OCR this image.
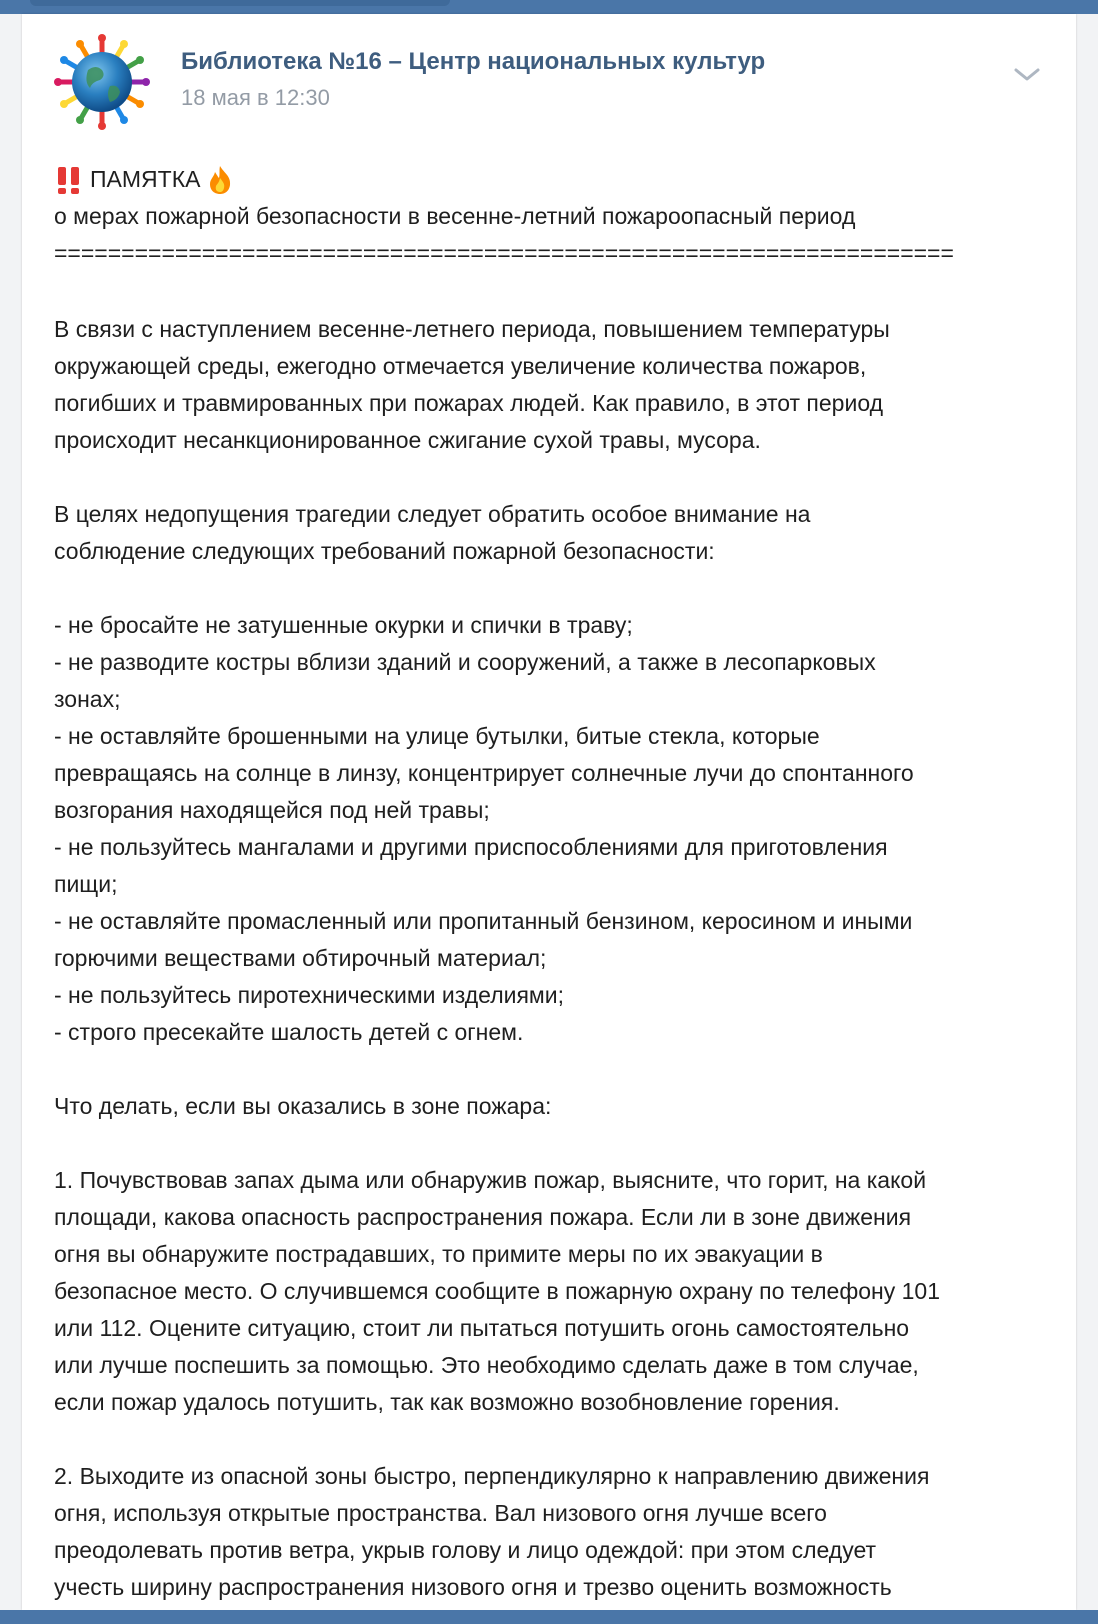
Библиотека №16 – Центр национальных культур
18 мая в 12:30
ПАМЯТКА
о мерах пожарной безопасности в весенне-летний пожароопасный период
===================================================================
В связи с наступлением весенне-летнего периода, повышением температуры
окружающей среды, ежегодно отмечается увеличение количества пожаров,
погибших и травмированных при пожарах людей. Как правило, в этот период
происходит несанкционированное сжигание сухой травы, мусора.
В целях недопущения трагедии следует обратить особое внимание на
соблюдение следующих требований пожарной безопасности:
- не бросайте не затушенные окурки и спички в траву;
- не разводите костры вблизи зданий и сооружений, а также в лесопарковых
зонах;
- не оставляйте брошенными на улице бутылки, битые стекла, которые
превращаясь на солнце в линзу, концентрирует солнечные лучи до спонтанного
возгорания находящейся под ней травы;
- не пользуйтесь мангалами и другими приспособлениями для приготовления
пищи;
- не оставляйте промасленный или пропитанный бензином, керосином и иными
горючими веществами обтирочный материал;
- не пользуйтесь пиротехническими изделиями;
- строго пресекайте шалость детей с огнем.
Что делать, если вы оказались в зоне пожара:
1. Почувствовав запах дыма или обнаружив пожар, выясните, что горит, на какой
площади, какова опасность распространения пожара. Если ли в зоне движения
огня вы обнаружите пострадавших, то примите меры по их эвакуации в
безопасное место. О случившемся сообщите в пожарную охрану по телефону 101
или 112. Оцените ситуацию, стоит ли пытаться потушить огонь самостоятельно
или лучше поспешить за помощью. Это необходимо сделать даже в том случае,
если пожар удалось потушить, так как возможно возобновление горения.
2. Выходите из опасной зоны быстро, перпендикулярно к направлению движения
огня, используя открытые пространства. Вал низового огня лучше всего
преодолевать против ветра, укрыв голову и лицо одеждой: при этом следует
учесть ширину распространения низового огня и трезво оценить возможность
